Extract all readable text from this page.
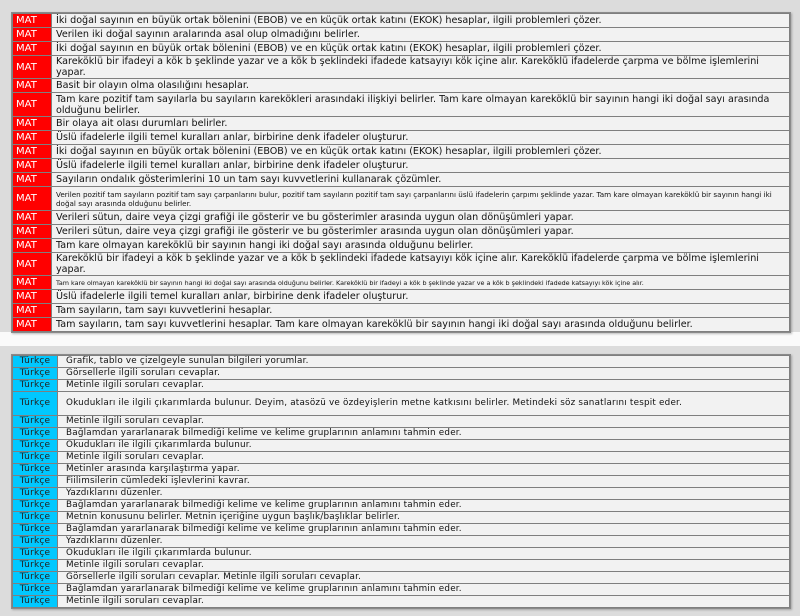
MAT	İki doğal sayının en büyük ortak bölenini (EBOB) ve en küçük ortak katını (EKOK) hesaplar, ilgili problemleri çözer.
MAT	Verilen iki doğal sayının aralarında asal olup olmadığını belirler.
MAT	İki doğal sayının en büyük ortak bölenini (EBOB) ve en küçük ortak katını (EKOK) hesaplar, ilgili problemleri çözer.
MAT	Kareköklü bir ifadeyi a kök b şeklinde yazar ve a kök b şeklindeki ifadede katsayıyı kök içine alır. Kareköklü ifadelerde çarpma ve bölme işlemlerini yapar.
MAT	Basit bir olayın olma olasılığını hesaplar.
MAT	Tam kare pozitif tam sayılarla bu sayıların karekökleri arasındaki ilişkiyi belirler. Tam kare olmayan kareköklü bir sayının hangi iki doğal sayı arasında olduğunu belirler.
MAT	Bir olaya ait olası durumları belirler.
MAT	Üslü ifadelerle ilgili temel kuralları anlar, birbirine denk ifadeler oluşturur.
MAT	İki doğal sayının en büyük ortak bölenini (EBOB) ve en küçük ortak katını (EKOK) hesaplar, ilgili problemleri çözer.
MAT	Üslü ifadelerle ilgili temel kuralları anlar, birbirine denk ifadeler oluşturur.
MAT	Sayıların ondalık gösterimlerini 10 un tam sayı kuvvetlerini kullanarak çözümler.
MAT	Verilen pozitif tam sayıların pozitif tam sayı çarpanlarını bulur, pozitif tam sayıların pozitif tam sayı çarpanlarını üslü ifadelerin çarpımı şeklinde yazar. Tam kare olmayan kareköklü bir sayının hangi iki doğal sayı arasında olduğunu belirler.
MAT	Verileri sütun, daire veya çizgi grafiği ile gösterir ve bu gösterimler arasında uygun olan dönüşümleri yapar.
MAT	Verileri sütun, daire veya çizgi grafiği ile gösterir ve bu gösterimler arasında uygun olan dönüşümleri yapar.
MAT	Tam kare olmayan kareköklü bir sayının hangi iki doğal sayı arasında olduğunu belirler.
MAT	Kareköklü bir ifadeyi a kök b şeklinde yazar ve a kök b şeklindeki ifadede katsayıyı kök içine alır. Kareköklü ifadelerde çarpma ve bölme işlemlerini yapar.
MAT	Tam kare olmayan kareköklü bir sayının hangi iki doğal sayı arasında olduğunu belirler. Kareköklü bir ifadeyi a kök b şeklinde yazar ve a kök b şeklindeki ifadede katsayıyı kök içine alır.
MAT	Üslü ifadelerle ilgili temel kuralları anlar, birbirine denk ifadeler oluşturur.
MAT	Tam sayıların, tam sayı kuvvetlerini hesaplar.
MAT	Tam sayıların, tam sayı kuvvetlerini hesaplar. Tam kare olmayan kareköklü bir sayının hangi iki doğal sayı arasında olduğunu belirler.
Türkçe	Grafik, tablo ve çizelgeyle sunulan bilgileri yorumlar.
Türkçe	Görsellerle ilgili soruları cevaplar.
Türkçe	Metinle ilgili soruları cevaplar.
Türkçe	Okudukları ile ilgili çıkarımlarda bulunur. Deyim, atasözü ve özdeyişlerin metne katkısını belirler. Metindeki söz sanatlarını tespit eder.
Türkçe	Metinle ilgili soruları cevaplar.
Türkçe	Bağlamdan yararlanarak bilmediği kelime ve kelime gruplarının anlamını tahmin eder.
Türkçe	Okudukları ile ilgili çıkarımlarda bulunur.
Türkçe	Metinle ilgili soruları cevaplar.
Türkçe	Metinler arasında karşılaştırma yapar.
Türkçe	Fiilimsilerin cümledeki işlevlerini kavrar.
Türkçe	Yazdıklarını düzenler.
Türkçe	Bağlamdan yararlanarak bilmediği kelime ve kelime gruplarının anlamını tahmin eder.
Türkçe	Metnin konusunu belirler. Metnin içeriğine uygun başlık/başlıklar belirler.
Türkçe	Bağlamdan yararlanarak bilmediği kelime ve kelime gruplarının anlamını tahmin eder.
Türkçe	Yazdıklarını düzenler.
Türkçe	Okudukları ile ilgili çıkarımlarda bulunur.
Türkçe	Metinle ilgili soruları cevaplar.
Türkçe	Görsellerle ilgili soruları cevaplar. Metinle ilgili soruları cevaplar.
Türkçe	Bağlamdan yararlanarak bilmediği kelime ve kelime gruplarının anlamını tahmin eder.
Türkçe	Metinle ilgili soruları cevaplar.
